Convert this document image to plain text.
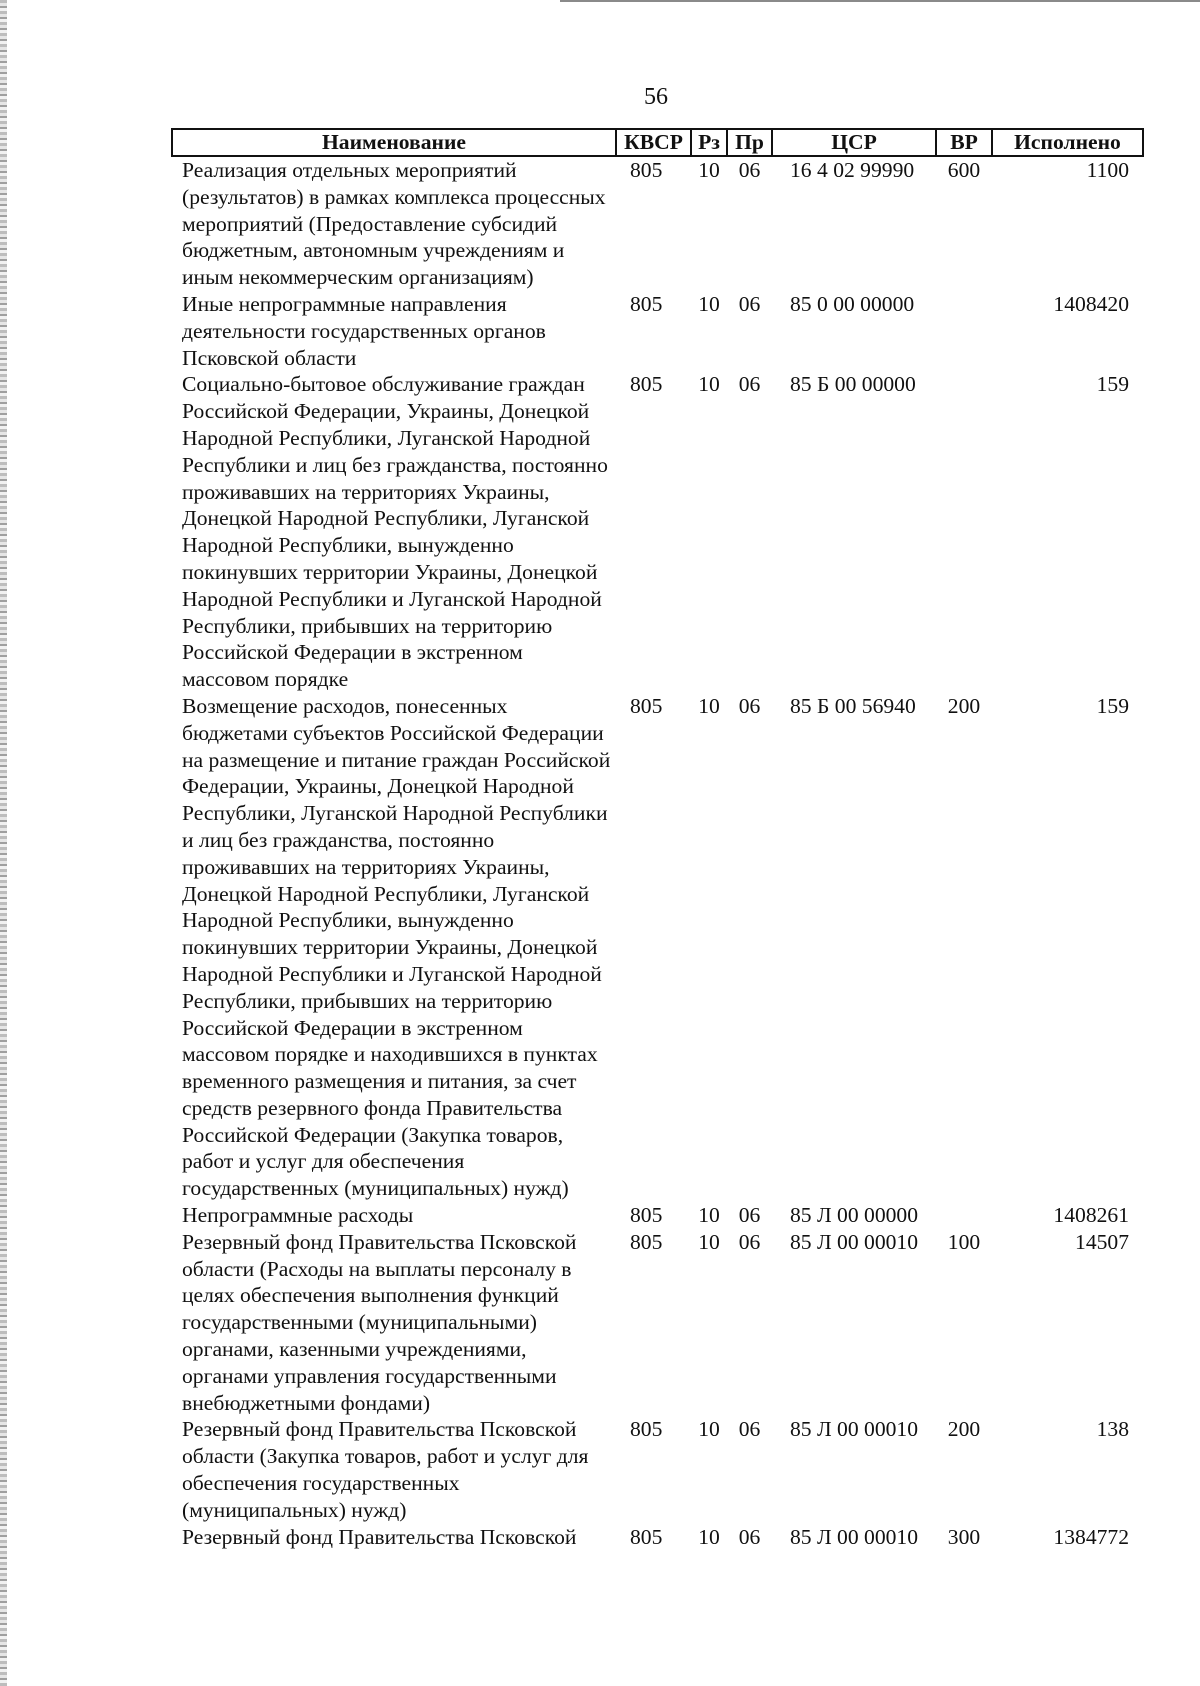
56
Наименование	КВСР	Рз	Пр	ЦСР	ВР	Исполнено
Реализация отдельных мероприятий (результатов) в рамках комплекса процессных мероприятий (Предоставление субсидий бюджетным, автономным учреждениям и иным некоммерческим организациям)	805	10	06	16 4 02 99990	600	1100
Иные непрограммные направления деятельности государственных органов Псковской области	805	10	06	85 0 00 00000		1408420
Социально-бытовое обслуживание граждан Российской Федерации, Украины, Донецкой Народной Республики, Луганской Народной Республики и лиц без гражданства, постоянно проживавших на территориях Украины, Донецкой Народной Республики, Луганской Народной Республики, вынужденно покинувших территории Украины, Донецкой Народной Республики и Луганской Народной Республики, прибывших на территорию Российской Федерации в экстренном массовом порядке	805	10	06	85 Б 00 00000		159
Возмещение расходов, понесенных бюджетами субъектов Российской Федерации на размещение и питание граждан Российской Федерации, Украины, Донецкой Народной Республики, Луганской Народной Республики и лиц без гражданства, постоянно проживавших на территориях Украины, Донецкой Народной Республики, Луганской Народной Республики, вынужденно покинувших территории Украины, Донецкой Народной Республики и Луганской Народной Республики, прибывших на территорию Российской Федерации в экстренном массовом порядке и находившихся в пунктах временного размещения и питания, за счет средств резервного фонда Правительства Российской Федерации (Закупка товаров, работ и услуг для обеспечения государственных (муниципальных) нужд)	805	10	06	85 Б 00 56940	200	159
Непрограммные расходы	805	10	06	85 Л 00 00000		1408261
Резервный фонд Правительства Псковской области (Расходы на выплаты персоналу в целях обеспечения выполнения функций государственными (муниципальными) органами, казенными учреждениями, органами управления государственными внебюджетными фондами)	805	10	06	85 Л 00 00010	100	14507
Резервный фонд Правительства Псковской области (Закупка товаров, работ и услуг для обеспечения государственных (муниципальных) нужд)	805	10	06	85 Л 00 00010	200	138
Резервный фонд Правительства Псковской	805	10	06	85 Л 00 00010	300	1384772
